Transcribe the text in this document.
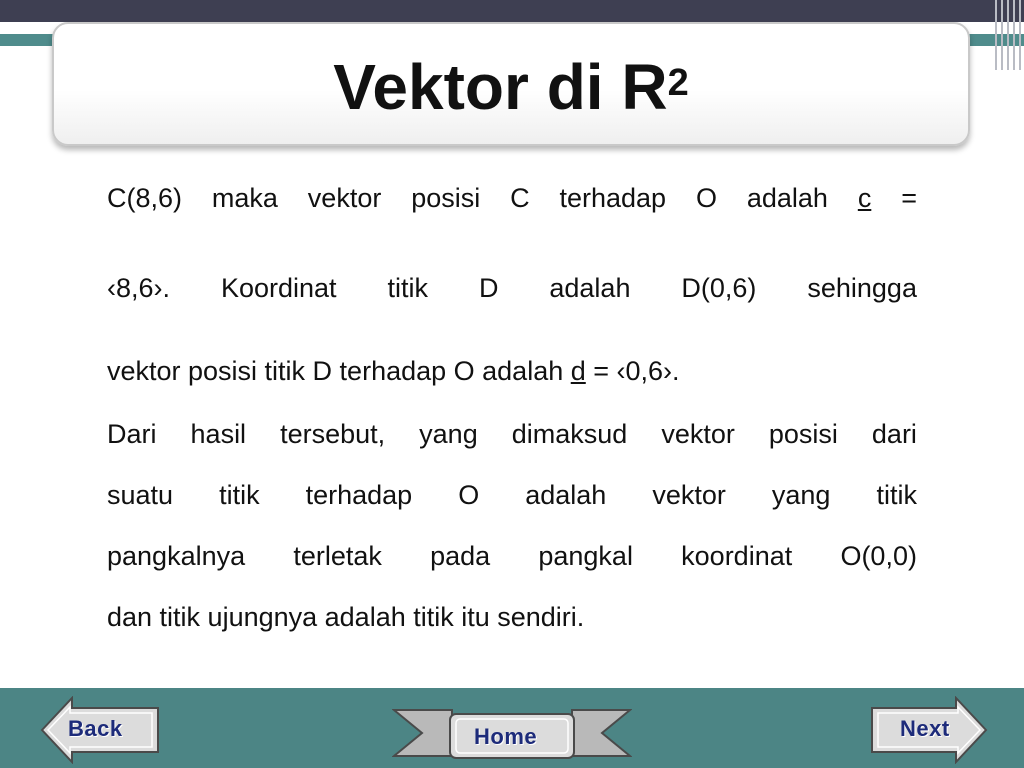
Vektor di $R^2$
C(8,6) maka vektor posisi C terhadap O adalah c =
‹8,6›. Koordinat titik D adalah D(0,6) sehingga
vektor posisi titik D terhadap O adalah d = ‹0,6›.
Dari hasil tersebut, yang dimaksud vektor posisi dari
suatu titik terhadap O adalah vektor yang titik
pangkalnya terletak pada pangkal koordinat O(0,0)
dan titik ujungnya adalah titik itu sendiri.
Back	Home	Next
